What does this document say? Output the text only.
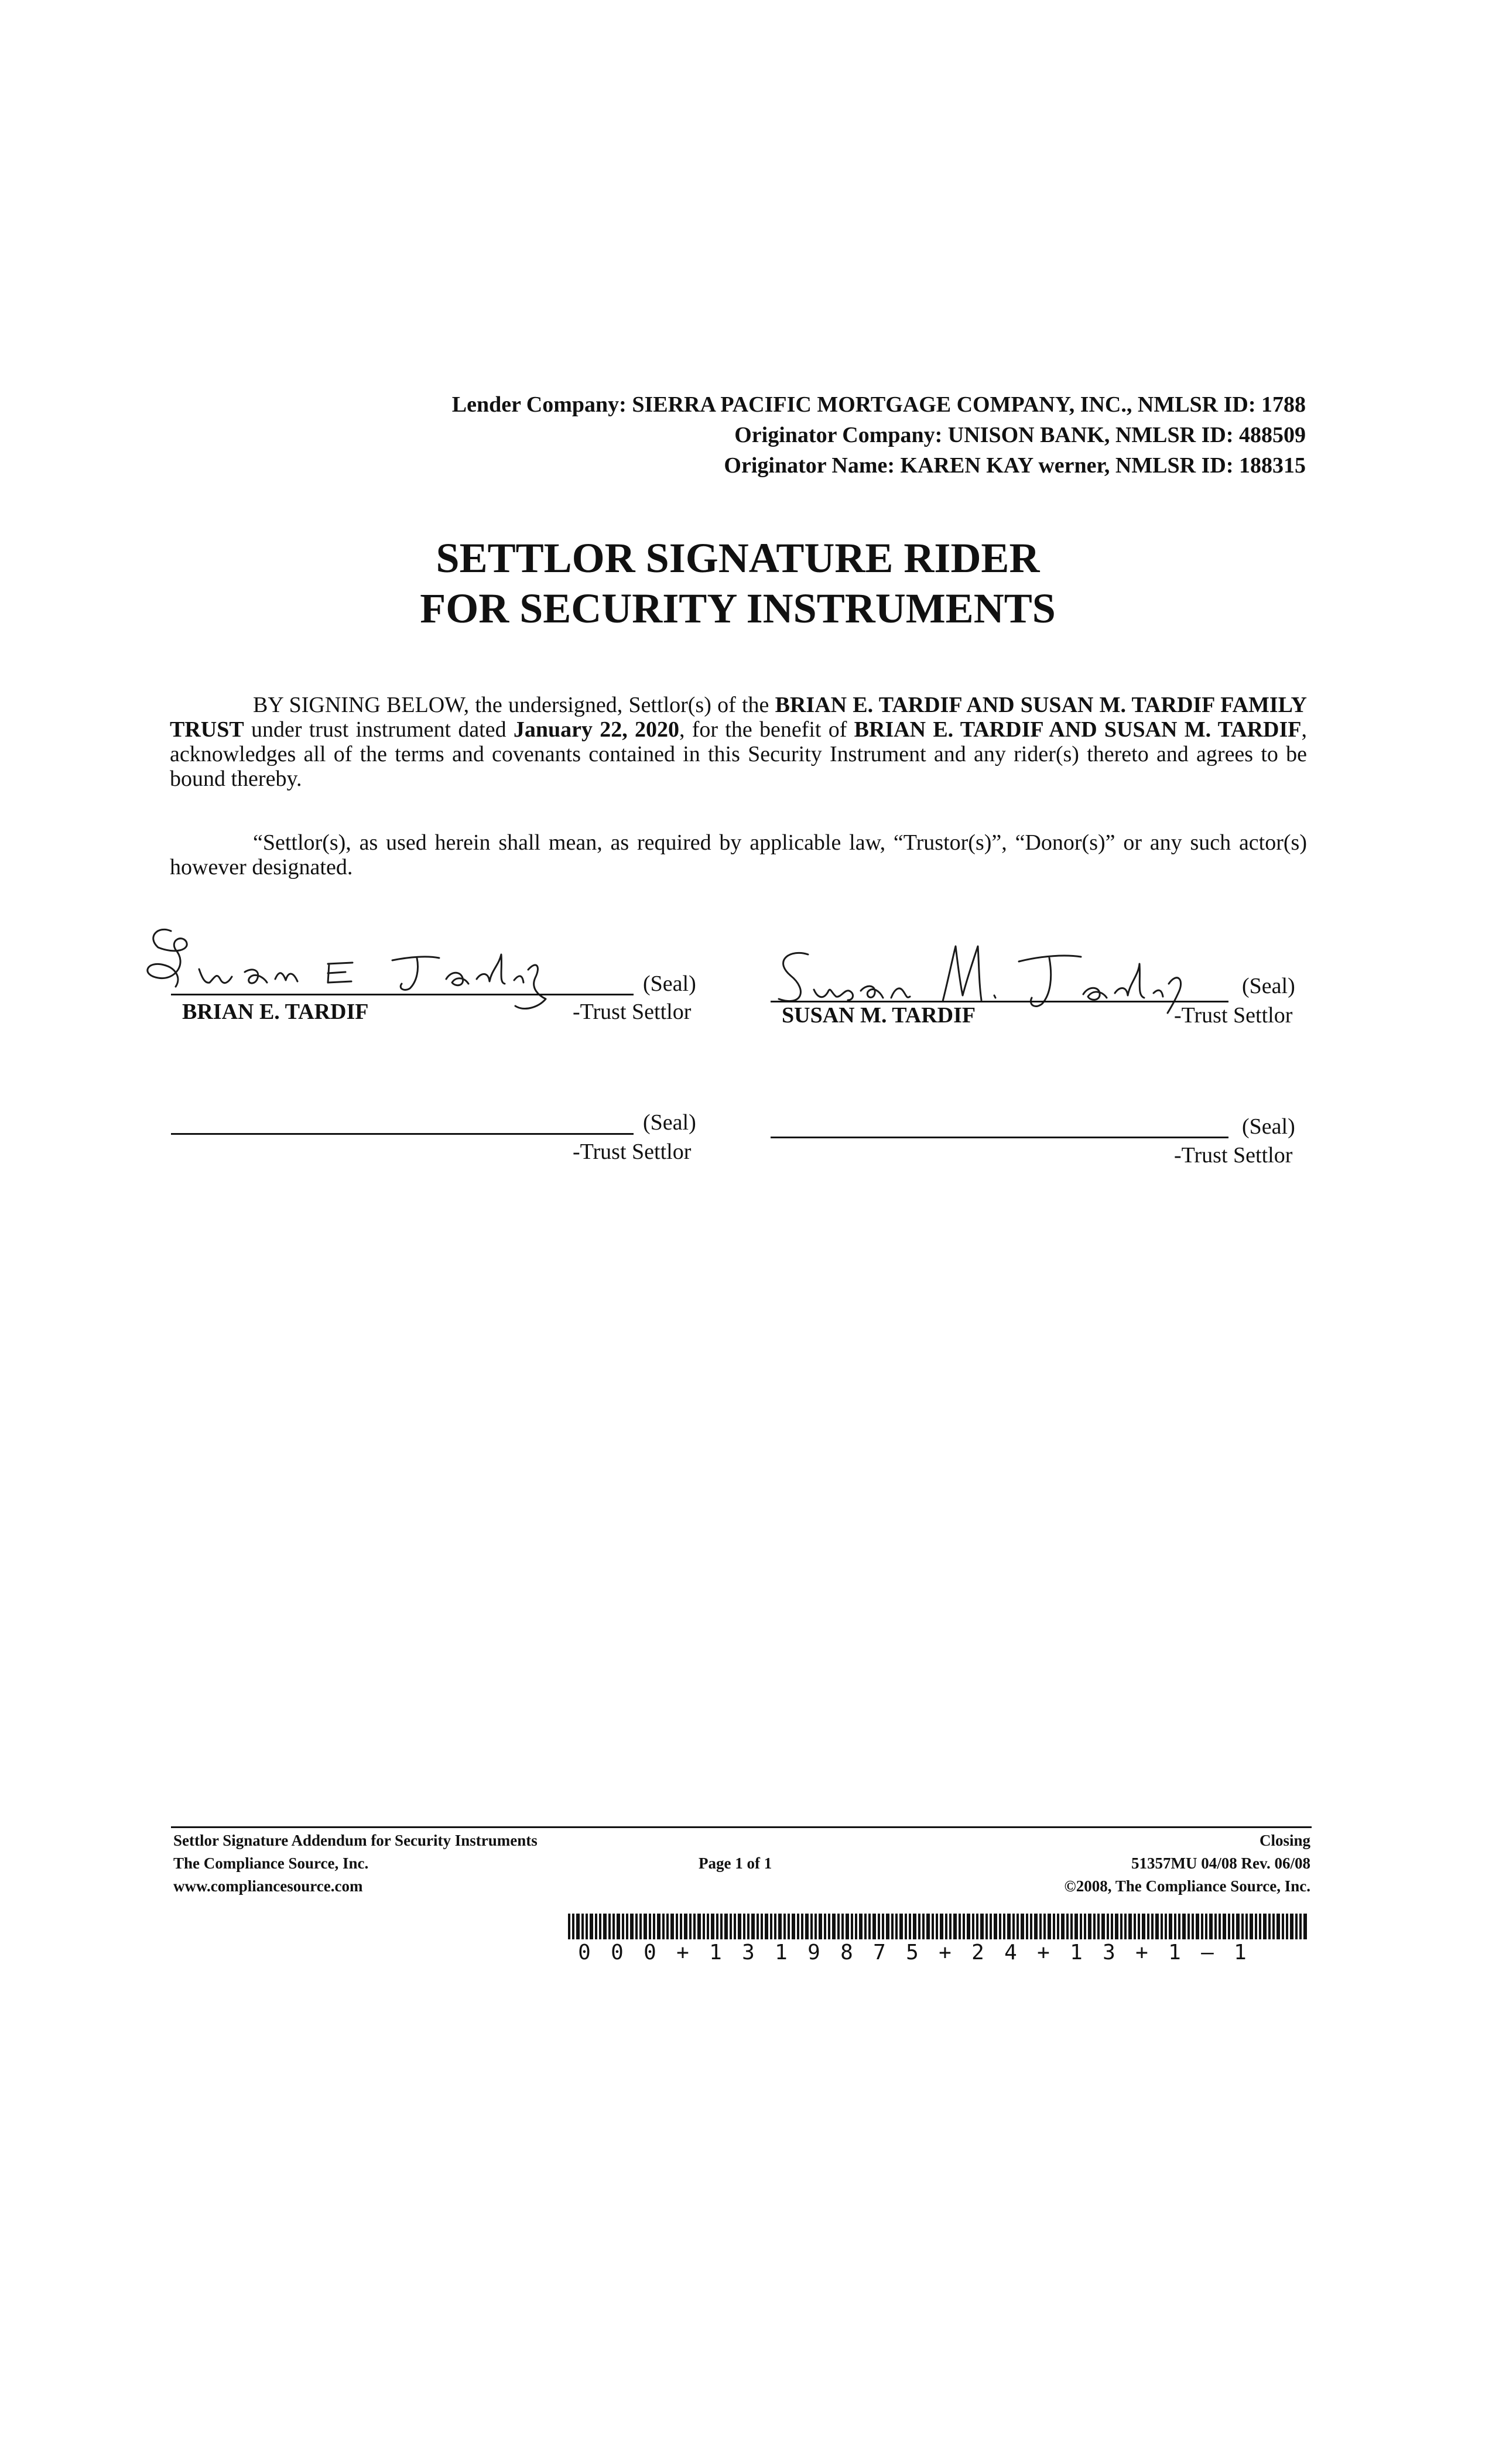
Lender Company: SIERRA PACIFIC MORTGAGE COMPANY, INC., NMLSR ID: 1788
Originator Company: UNISON BANK, NMLSR ID: 488509
Originator Name: KAREN KAY werner, NMLSR ID: 188315
SETTLOR SIGNATURE RIDER
FOR SECURITY INSTRUMENTS
BY SIGNING BELOW, the undersigned, Settlor(s) of the BRIAN E. TARDIF AND SUSAN M. TARDIF FAMILY TRUST under trust instrument dated January 22, 2020, for the benefit of BRIAN E. TARDIF AND SUSAN M. TARDIF, acknowledges all of the terms and covenants contained in this Security Instrument and any rider(s) thereto and agrees to be bound thereby.
“Settlor(s), as used herein shall mean, as required by applicable law, “Trustor(s)”, “Donor(s)” or any such actor(s) however designated.
(Seal)
BRIAN E. TARDIF	-Trust Settlor
(Seal)
SUSAN M. TARDIF	-Trust Settlor
(Seal)
-Trust Settlor
(Seal)
-Trust Settlor
Settlor Signature Addendum for Security Instruments
The Compliance Source, Inc.
www.compliancesource.com
Page 1 of 1
Closing
51357MU 04/08 Rev. 06/08
©2008, The Compliance Source, Inc.
0 0 0 + 1 3 1 9 8 7 5 + 2 4 + 1 3 + 1 – 1
